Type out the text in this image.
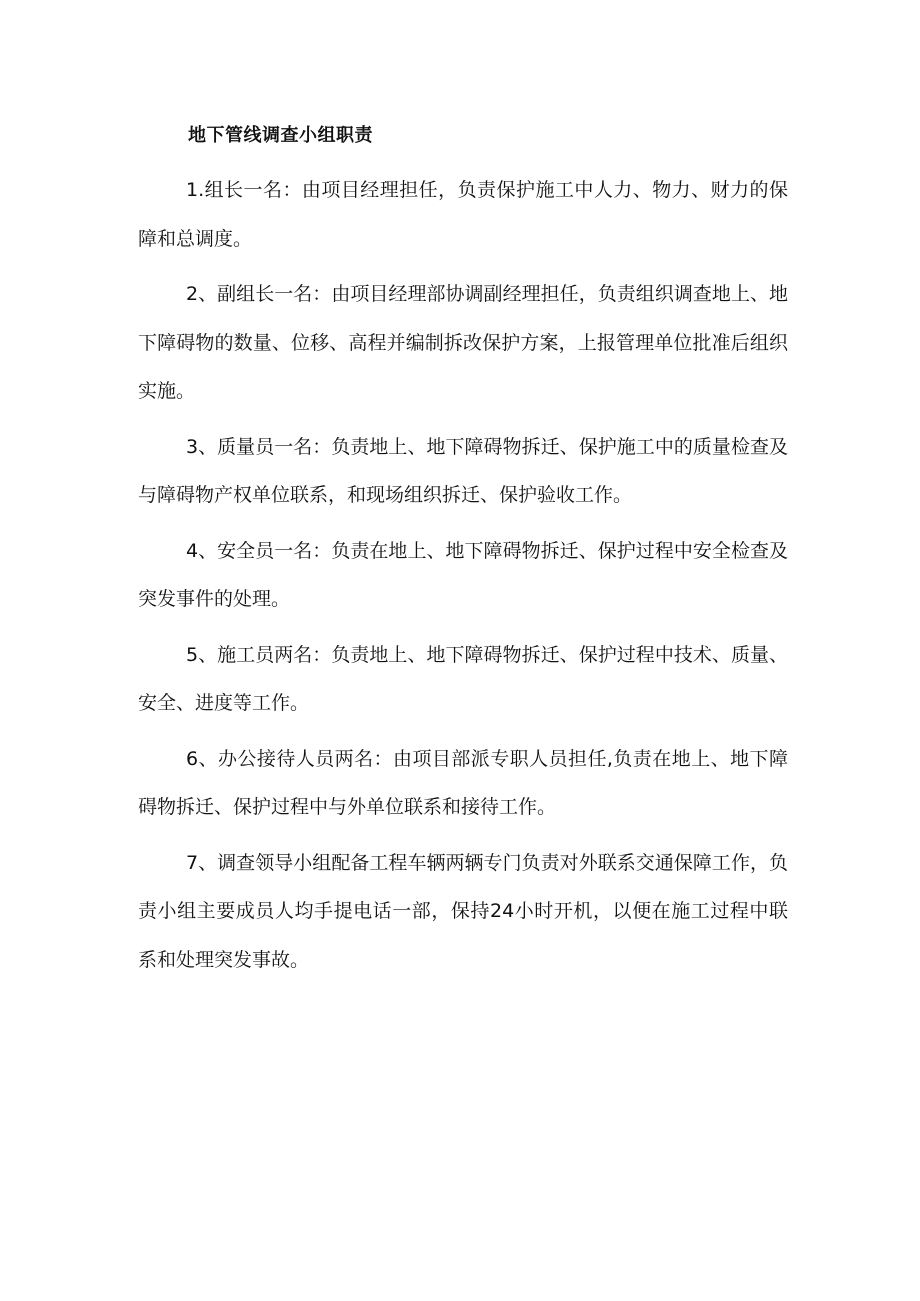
地下管线调查小组职责

1.组长一名：由项目经理担任，负责保护施工中人力、物力、财力的保障和总调度。

2、副组长一名：由项目经理部协调副经理担任，负责组织调查地上、地下障碍物的数量、位移、高程并编制拆改保护方案，上报管理单位批准后组织实施。

3、质量员一名：负责地上、地下障碍物拆迁、保护施工中的质量检查及与障碍物产权单位联系，和现场组织拆迁、保护验收工作。

4、安全员一名：负责在地上、地下障碍物拆迁、保护过程中安全检查及突发事件的处理。

5、施工员两名：负责地上、地下障碍物拆迁、保护过程中技术、质量、安全、进度等工作。

6、办公接待人员两名：由项目部派专职人员担任,负责在地上、地下障碍物拆迁、保护过程中与外单位联系和接待工作。

7、调查领导小组配备工程车辆两辆专门负责对外联系交通保障工作，负责小组主要成员人均手提电话一部，保持24小时开机，以便在施工过程中联系和处理突发事故。
